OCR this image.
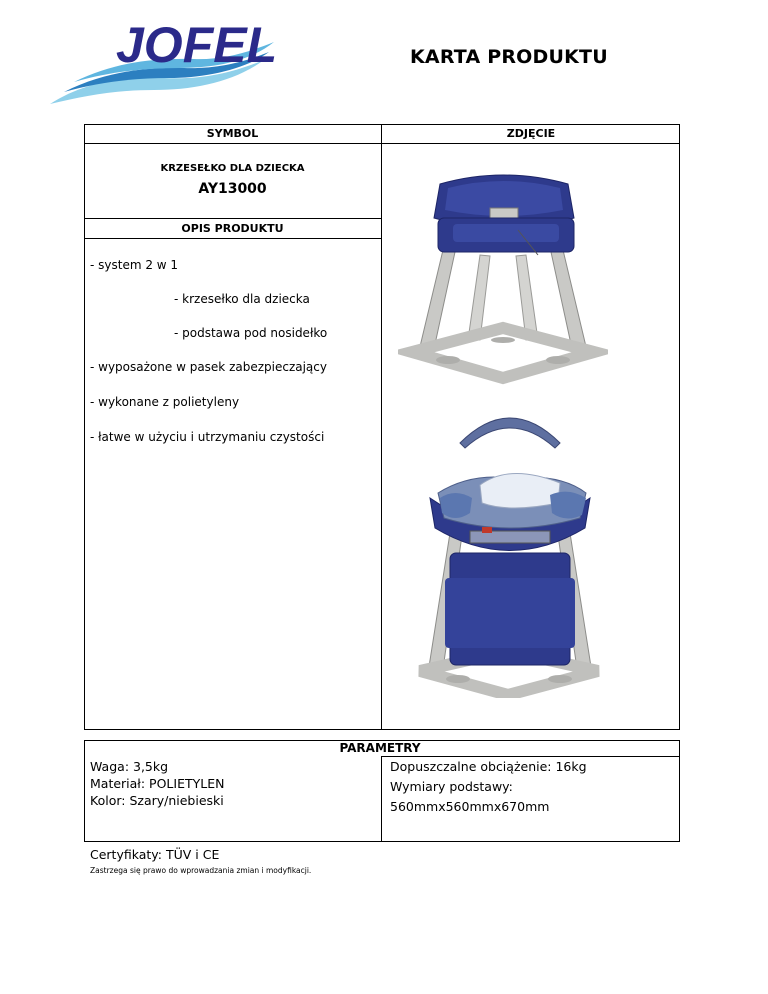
JOFEL	KARTA PRODUKTU
SYMBOL	ZDJĘCIE
KRZESEŁKO DLA DZIECKA
AY13000
OPIS PRODUKTU
- system 2 w 1
- krzesełko dla dziecka
- podstawa pod nosidełko
- wyposażone w pasek zabezpieczający
- wykonane z polietyleny
- łatwe w użyciu i utrzymaniu czystości
PARAMETRY
Waga: 3,5kg
Materiał: POLIETYLEN
Kolor: Szary/niebieski
Dopuszczalne obciążenie: 16kg
Wymiary podstawy:
560mmx560mmx670mm
Certyfikaty: TÜV i CE
Zastrzega się prawo do wprowadzania zmian i modyfikacji.
